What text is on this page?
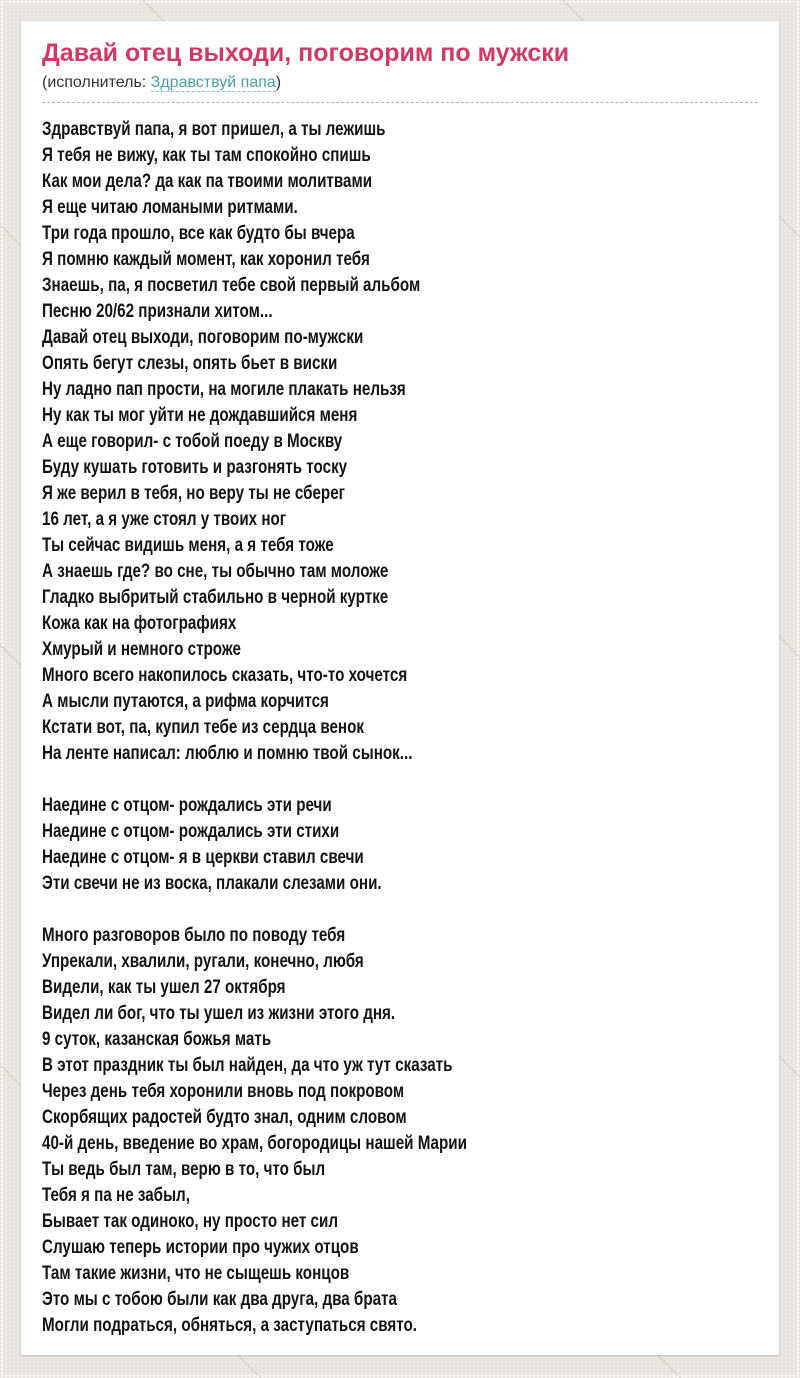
Давай отец выходи, поговорим по мужски
(исполнитель: Здравствуй папа)
Здравствуй папа, я вот пришел, а ты лежишь
Я тебя не вижу, как ты там спокойно спишь
Как мои дела? да как па твоими молитвами
Я еще читаю ломаными ритмами.
Три года прошло, все как будто бы вчера
Я помню каждый момент, как хоронил тебя
Знаешь, па, я посветил тебе свой первый альбом
Песню 20/62 признали хитом...
Давай отец выходи, поговорим по-мужски
Опять бегут слезы, опять бьет в виски
Ну ладно пап прости, на могиле плакать нельзя
Ну как ты мог уйти не дождавшийся меня
А еще говорил- с тобой поеду в Москву
Буду кушать готовить и разгонять тоску
Я же верил в тебя, но веру ты не сберег
16 лет, а я уже стоял у твоих ног
Ты сейчас видишь меня, а я тебя тоже
А знаешь где? во сне, ты обычно там моложе
Гладко выбритый стабильно в черной куртке
Кожа как на фотографиях
Хмурый и немного строже
Много всего накопилось сказать, что-то хочется
А мысли путаются, а рифма корчится
Кстати вот, па, купил тебе из сердца венок
На ленте написал: люблю и помню твой сынок...

Наедине с отцом- рождались эти речи
Наедине с отцом- рождались эти стихи
Наедине с отцом- я в церкви ставил свечи
Эти свечи не из воска, плакали слезами они.

Много разговоров было по поводу тебя
Упрекали, хвалили, ругали, конечно, любя
Видели, как ты ушел 27 октября
Видел ли бог, что ты ушел из жизни этого дня.
9 суток, казанская божья мать
В этот праздник ты был найден, да что уж тут сказать
Через день тебя хоронили вновь под покровом
Скорбящих радостей будто знал, одним словом
40-й день, введение во храм, богородицы нашей Марии
Ты ведь был там, верю в то, что был
Тебя я па не забыл,
Бывает так одиноко, ну просто нет сил
Слушаю теперь истории про чужих отцов
Там такие жизни, что не сыщешь концов
Это мы с тобою были как два друга, два брата
Могли подраться, обняться, а заступаться свято.
